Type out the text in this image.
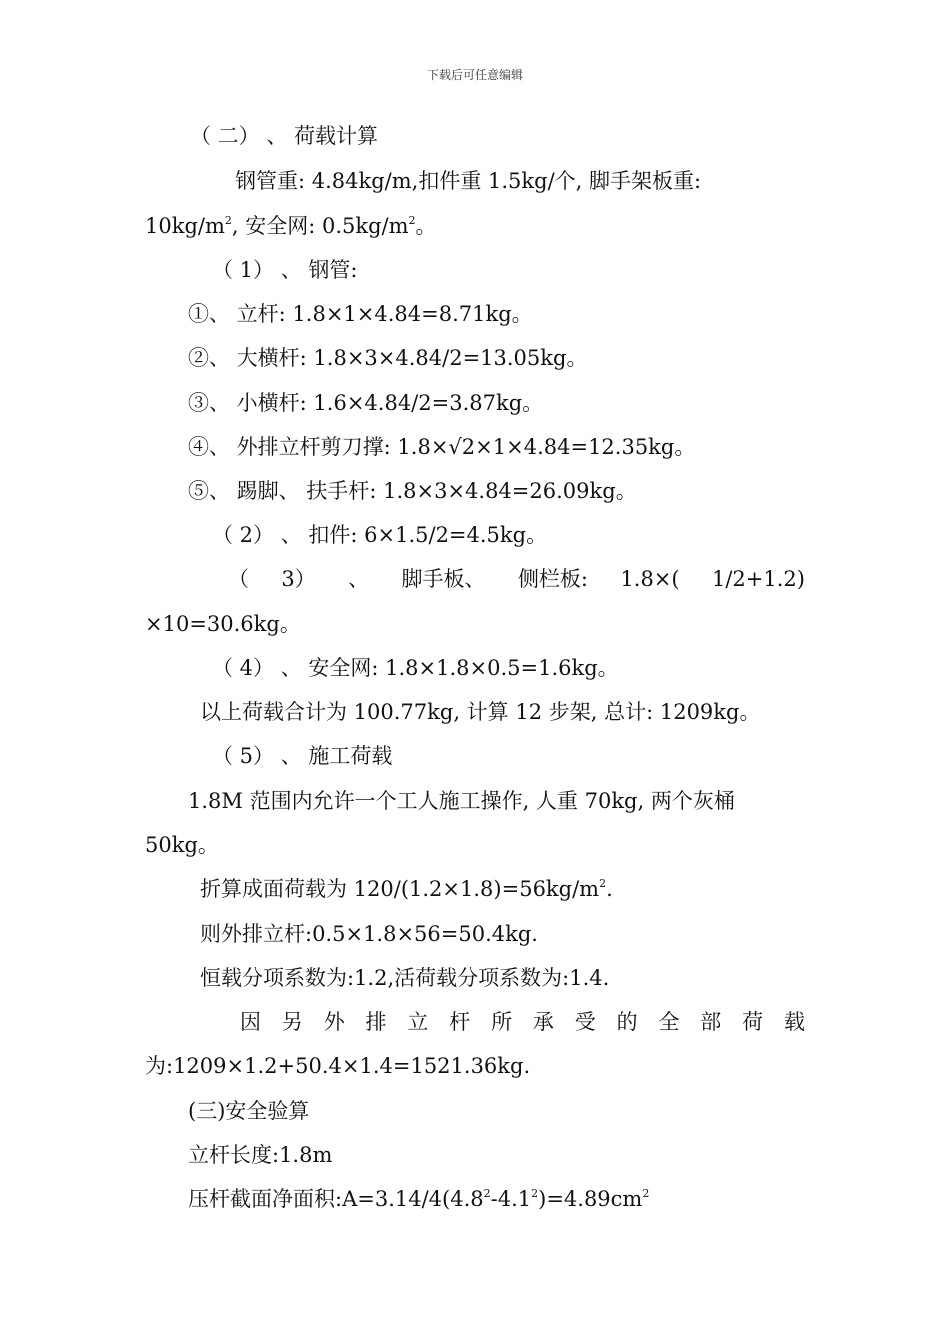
下载后可任意编辑
（ 二） 、 荷载计算
钢管重: 4.84kg/m,扣件重 1.5kg/个, 脚手架板重:
$10kg/m^2$, 安全网: $0.5kg/m^2$。
（ 1） 、 钢管:
①、 立杆: 1.8×1×4.84=8.71kg。
②、 大横杆: 1.8×3×4.84/2=13.05kg。
③、 小横杆: 1.6×4.84/2=3.87kg。
④、 外排立杆剪刀撑: 1.8×√2×1×4.84=12.35kg。
⑤、 踢脚、 扶手杆: 1.8×3×4.84=26.09kg。
（ 2） 、 扣件: 6×1.5/2=4.5kg。
（ 3） 、 脚手板、 侧栏板: 1.8×( 1/2+1.2)
×10=30.6kg。
（ 4） 、 安全网: 1.8×1.8×0.5=1.6kg。
以上荷载合计为 100.77kg, 计算 12 步架, 总计: 1209kg。
（ 5） 、 施工荷载
1.8M 范围内允许一个工人施工操作, 人重 70kg, 两个灰桶
50kg。
折算成面荷载为 $120/(1.2\times 1.8)=56kg/m^2$.
则外排立杆:0.5×1.8×56=50.4kg.
恒载分项系数为:1.2,活荷载分项系数为:1.4.
因 另 外 排 立 杆 所 承 受 的 全 部 荷 载
为:1209×1.2+50.4×1.4=1521.36kg.
(三)安全验算
立杆长度:1.8m
压杆截面净面积$:A=3.14/4(4.8^2-4.1^2)=4.89cm^2$
